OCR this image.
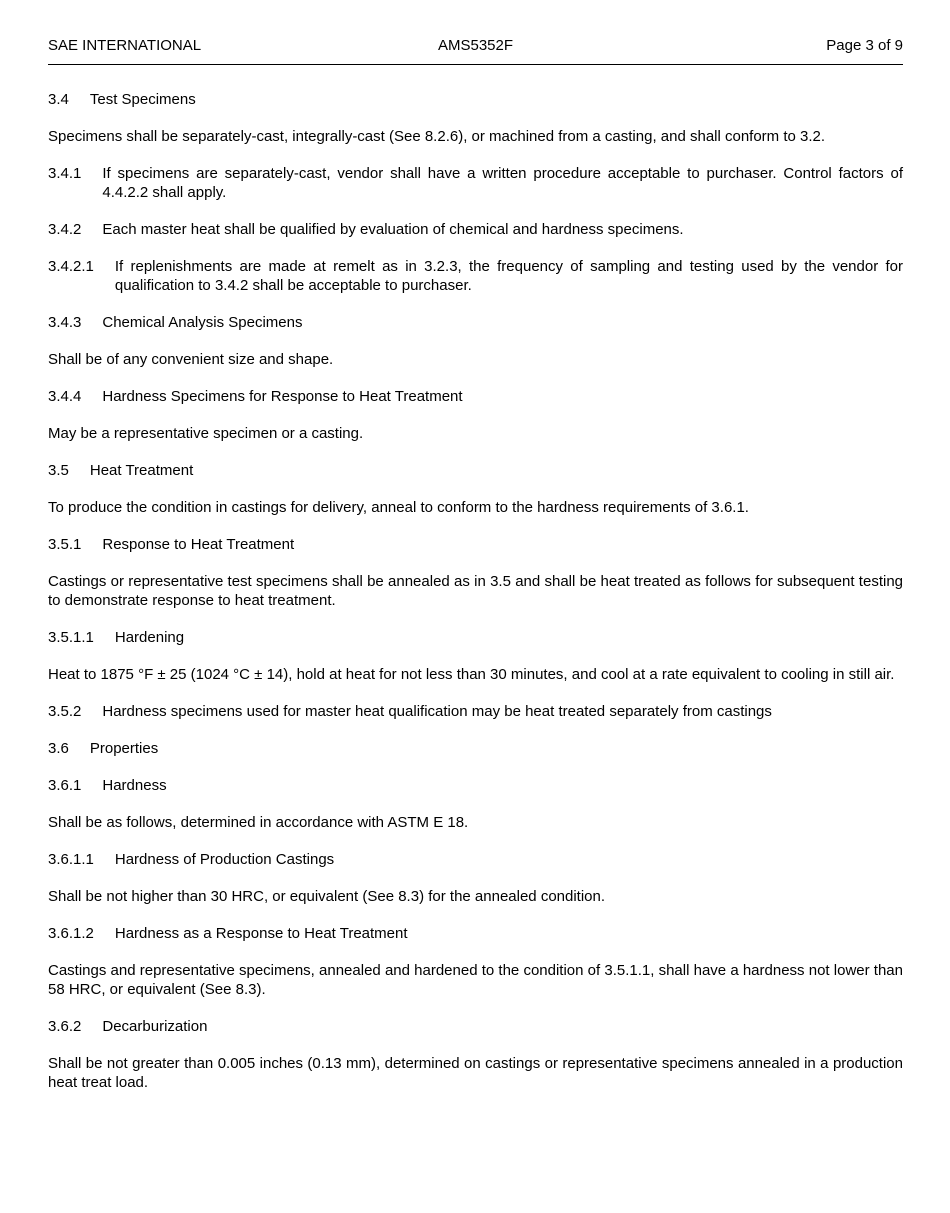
SAE INTERNATIONAL	AMS5352F	Page 3 of 9
3.4 Test Specimens
Specimens shall be separately-cast, integrally-cast (See 8.2.6), or machined from a casting, and shall conform to 3.2.
3.4.1 If specimens are separately-cast, vendor shall have a written procedure acceptable to purchaser. Control factors of 4.4.2.2 shall apply.
3.4.2 Each master heat shall be qualified by evaluation of chemical and hardness specimens.
3.4.2.1 If replenishments are made at remelt as in 3.2.3, the frequency of sampling and testing used by the vendor for qualification to 3.4.2 shall be acceptable to purchaser.
3.4.3 Chemical Analysis Specimens
Shall be of any convenient size and shape.
3.4.4 Hardness Specimens for Response to Heat Treatment
May be a representative specimen or a casting.
3.5 Heat Treatment
To produce the condition in castings for delivery, anneal to conform to the hardness requirements of 3.6.1.
3.5.1 Response to Heat Treatment
Castings or representative test specimens shall be annealed as in 3.5 and shall be heat treated as follows for subsequent testing to demonstrate response to heat treatment.
3.5.1.1 Hardening
Heat to 1875 °F ± 25 (1024 °C ± 14), hold at heat for not less than 30 minutes, and cool at a rate equivalent to cooling in still air.
3.5.2 Hardness specimens used for master heat qualification may be heat treated separately from castings
3.6 Properties
3.6.1 Hardness
Shall be as follows, determined in accordance with ASTM E 18.
3.6.1.1 Hardness of Production Castings
Shall be not higher than 30 HRC, or equivalent (See 8.3) for the annealed condition.
3.6.1.2 Hardness as a Response to Heat Treatment
Castings and representative specimens, annealed and hardened to the condition of 3.5.1.1, shall have a hardness not lower than 58 HRC, or equivalent (See 8.3).
3.6.2 Decarburization
Shall be not greater than 0.005 inches (0.13 mm), determined on castings or representative specimens annealed in a production heat treat load.
